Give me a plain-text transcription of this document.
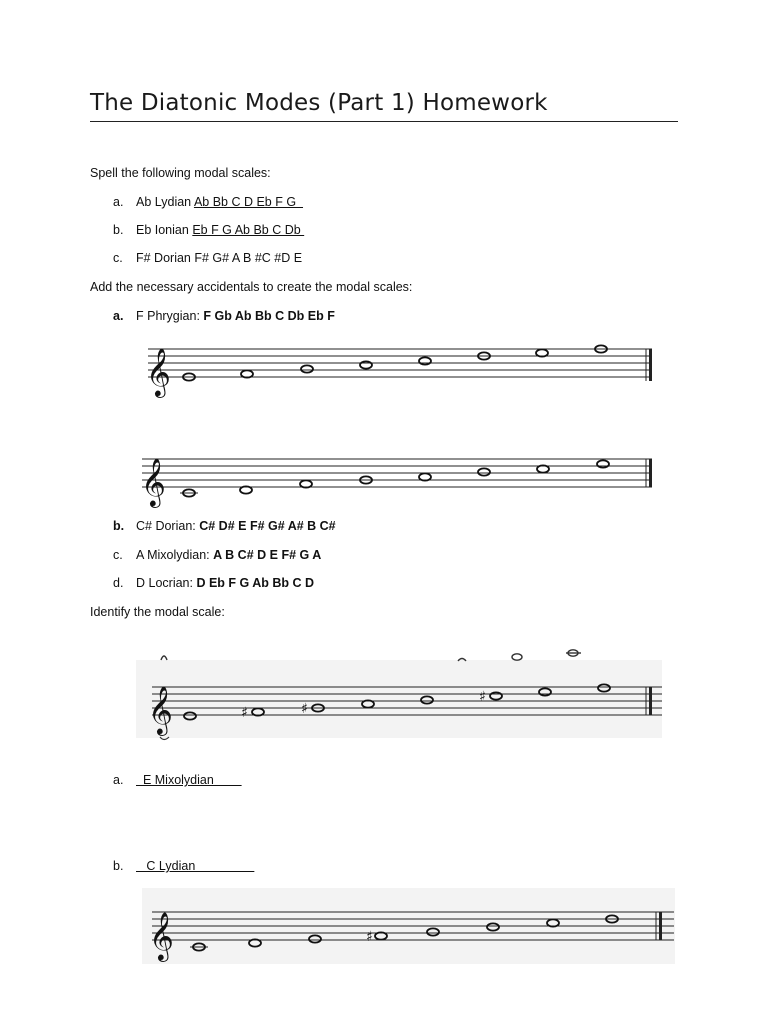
The Diatonic Modes (Part 1) Homework
Spell the following modal scales:
a.	Ab Lydian Ab Bb C D Eb F G
b.	Eb Ionian Eb F G Ab Bb C Db
c.	F# Dorian F# G# A B #C #D E
Add the necessary accidentals to create the modal scales:
a.	F Phrygian: F Gb Ab Bb C Db Eb F
𝄞
𝄞
b. C# Dorian: C# D# E F# G# A# B C#
c.	A Mixolydian: A B C# D E F# G A
d.	D Locrian: D Eb F G Ab Bb C D
Identify the modal scale:
𝄞	♯	♯
♯
a.	E Mixolydian
b.	C Lydian
𝄞	♯
